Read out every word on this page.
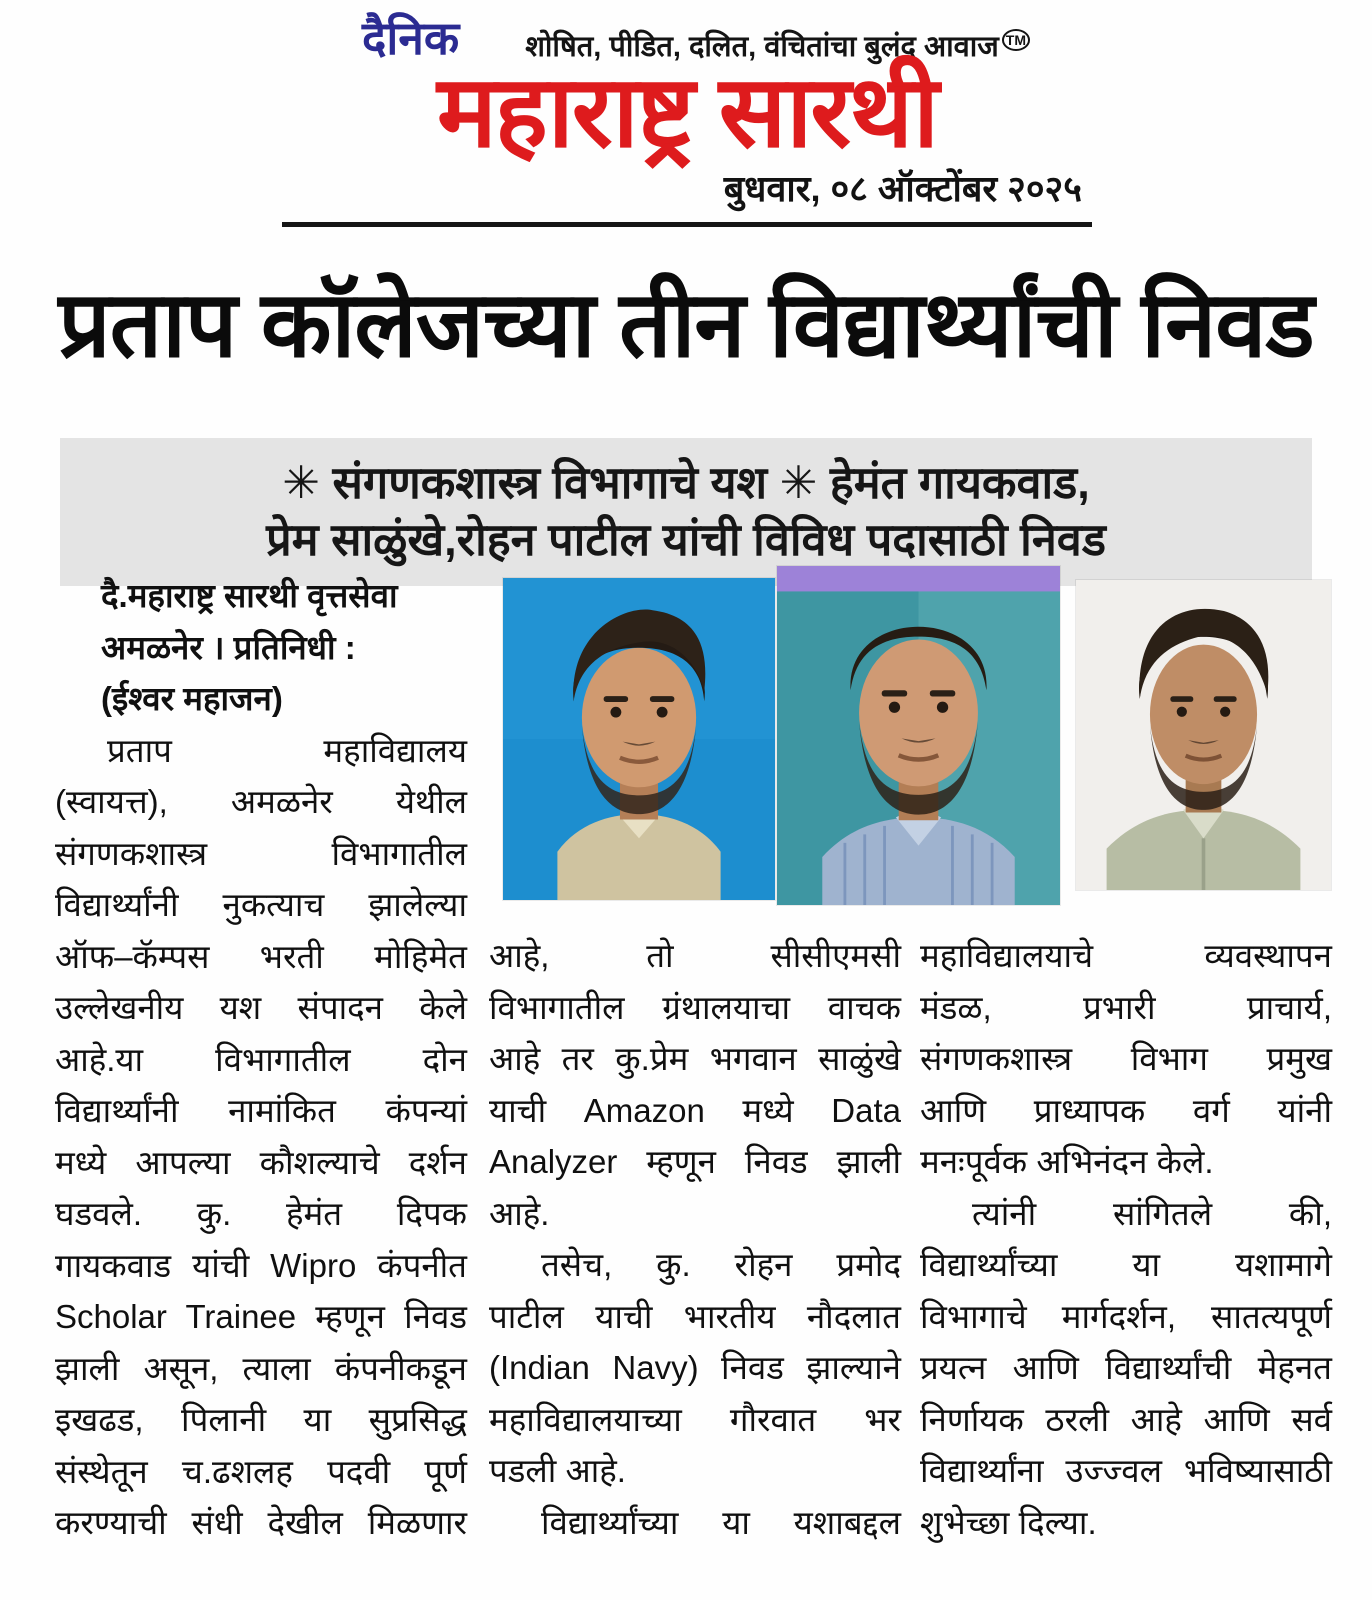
दैनिक शोषित, पीडित, दलित, वंचितांचा बुलंद आवाज ™
महाराष्ट्र सारथी
बुधवार, ०८ ऑक्टोंबर २०२५
प्रताप कॉलेजच्या तीन विद्यार्थ्यांची निवड
✳ संगणकशास्त्र विभागाचे यश ✳ हेमंत गायकवाड,
प्रेम साळुंखे,रोहन पाटील यांची विविध पदासाठी निवड
दै.महाराष्ट्र सारथी वृत्तसेवा
अमळनेर । प्रतिनिधी :
(ईश्वर महाजन)
प्रताप महाविद्यालय
(स्वायत्त), अमळनेर येथील
संगणकशास्त्र विभागातील
विद्यार्थ्यांनी नुकत्याच झालेल्या
ऑफ–कॅम्पस भरती मोहिमेत
उल्लेखनीय यश संपादन केले
आहे.या विभागातील दोन
विद्यार्थ्यांनी नामांकित कंपन्यां
मध्ये आपल्या कौशल्याचे दर्शन
घडवले. कु. हेमंत दिपक
गायकवाड यांची Wipro कंपनीत
Scholar Trainee म्हणून निवड
झाली असून, त्याला कंपनीकडून
इखढड, पिलानी या सुप्रसिद्ध
संस्थेतून च.ढशलह पदवी पूर्ण
करण्याची संधी देखील मिळणार
आहे, तो सीसीएमसी
विभागातील ग्रंथालयाचा वाचक
आहे तर कु.प्रेम भगवान साळुंखे
याची Amazon मध्ये Data
Analyzer म्हणून निवड झाली
आहे.
तसेच, कु. रोहन प्रमोद
पाटील याची भारतीय नौदलात
(Indian Navy) निवड झाल्याने
महाविद्यालयाच्या गौरवात भर
पडली आहे.
विद्यार्थ्यांच्या या यशाबद्दल
महाविद्यालयाचे व्यवस्थापन
मंडळ, प्रभारी प्राचार्य,
संगणकशास्त्र विभाग प्रमुख
आणि प्राध्यापक वर्ग यांनी
मनःपूर्वक अभिनंदन केले.
त्यांनी सांगितले की,
विद्यार्थ्यांच्या या यशामागे
विभागाचे मार्गदर्शन, सातत्यपूर्ण
प्रयत्न आणि विद्यार्थ्यांची मेहनत
निर्णायक ठरली आहे आणि सर्व
विद्यार्थ्यांना उज्ज्वल भविष्यासाठी
शुभेच्छा दिल्या.
